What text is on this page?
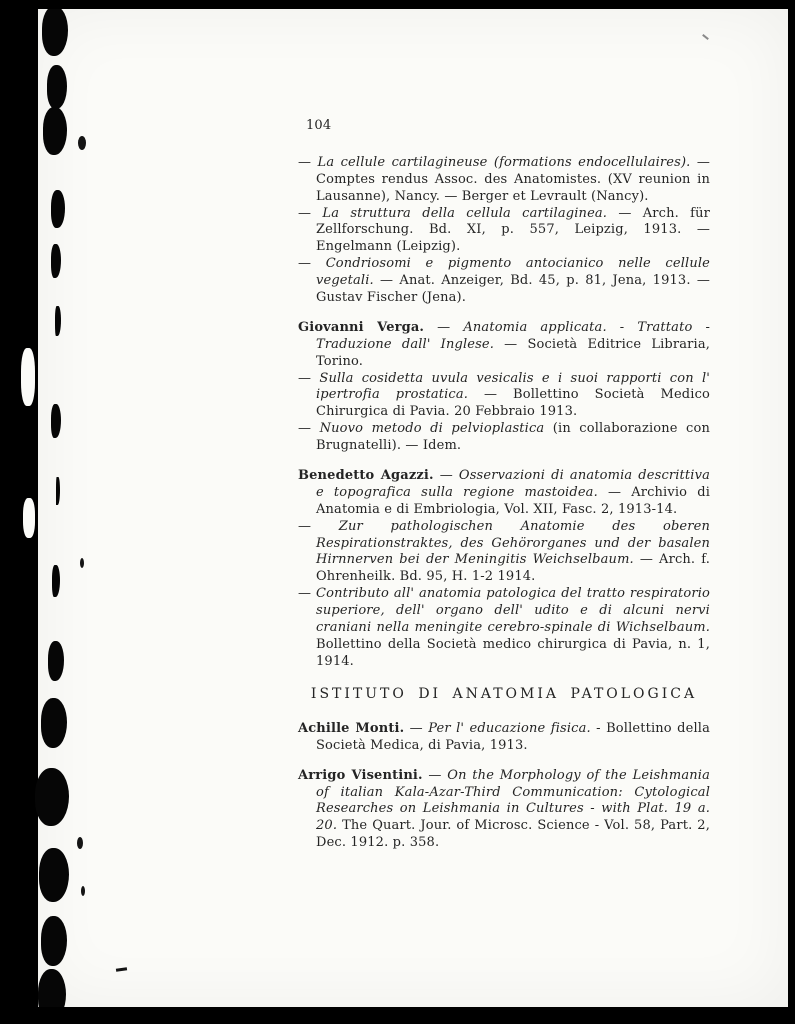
104

— La cellule cartilagineuse (formations endocellulaires). — Comptes rendus Assoc. des Anatomistes. (XV reunion in Lausanne), Nancy. — Berger et Levrault (Nancy).

— La struttura della cellula cartilaginea. — Arch. für Zellforschung. Bd. XI, p. 557, Leipzig, 1913. — Engelmann (Leipzig).

— Condriosomi e pigmento antocianico nelle cellule vegetali. — Anat. Anzeiger, Bd. 45, p. 81, Jena, 1913. — Gustav Fischer (Jena).

Giovanni Verga. — Anatomia applicata. - Trattato - Traduzione dall' Inglese. — Società Editrice Libraria, Torino.

— Sulla cosidetta uvula vesicalis e i suoi rapporti con l' ipertrofia prostatica. — Bollettino Società Medico Chirurgica di Pavia. 20 Febbraio 1913.

— Nuovo metodo di pelvioplastica (in collaborazione con Brugnatelli). — Idem.

Benedetto Agazzi. — Osservazioni di anatomia descrittiva e topografica sulla regione mastoidea. — Archivio di Anatomia e di Embriologia, Vol. XII, Fasc. 2, 1913-14.

— Zur pathologischen Anatomie des oberen Respirationstraktes, des Gehörorganes und der basalen Hirnnerven bei der Meningitis Weichselbaum. — Arch. f. Ohrenheilk. Bd. 95, H. 1-2 1914.

— Contributo all' anatomia patologica del tratto respiratorio superiore, dell' organo dell' udito e di alcuni nervi craniani nella meningite cerebro-spinale di Wichselbaum. Bollettino della Società medico chirurgica di Pavia, n. 1, 1914.

ISTITUTO DI ANATOMIA PATOLOGICA

Achille Monti. — Per l' educazione fisica. - Bollettino della Società Medica, di Pavia, 1913.

Arrigo Visentini. — On the Morphology of the Leishmania of italian Kala-Azar-Third Communication: Cytological Researches on Leishmania in Cultures - with Plat. 19 a. 20. The Quart. Jour. of Microsc. Science - Vol. 58, Part. 2, Dec. 1912. p. 358.
